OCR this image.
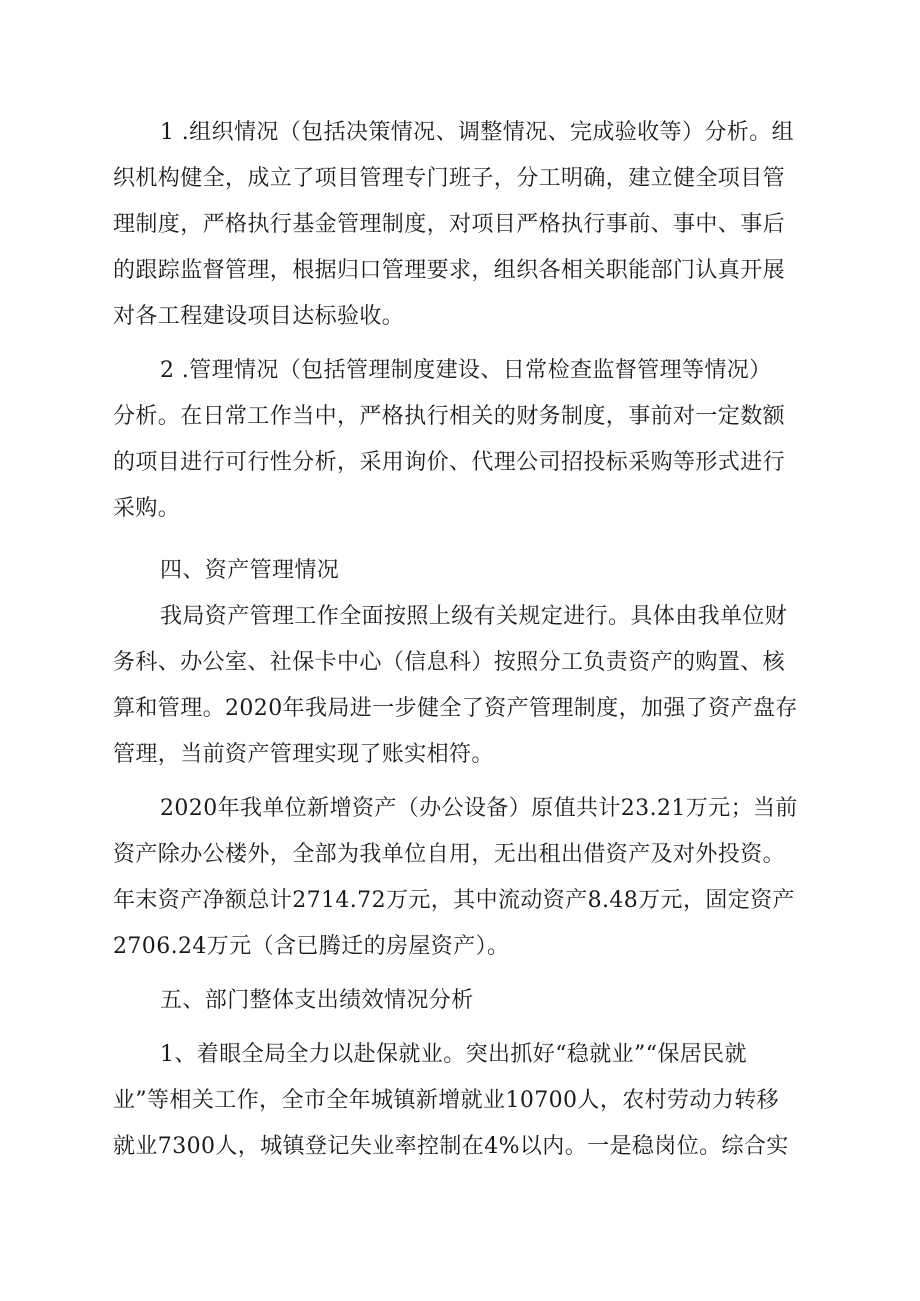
1 .组织情况（包括决策情况、调整情况、完成验收等）分析。组
织机构健全，成立了项目管理专门班子，分工明确，建立健全项目管
理制度，严格执行基金管理制度，对项目严格执行事前、事中、事后
的跟踪监督管理，根据归口管理要求，组织各相关职能部门认真开展
对各工程建设项目达标验收。
2 .管理情况（包括管理制度建设、日常检查监督管理等情况）
分析。在日常工作当中，严格执行相关的财务制度，事前对一定数额
的项目进行可行性分析，采用询价、代理公司招投标采购等形式进行
采购。
四、资产管理情况
我局资产管理工作全面按照上级有关规定进行。具体由我单位财
务科、办公室、社保卡中心（信息科）按照分工负责资产的购置、核
算和管理。2020年我局进一步健全了资产管理制度，加强了资产盘存
管理，当前资产管理实现了账实相符。
2020年我单位新增资产（办公设备）原值共计23.21万元；当前
资产除办公楼外，全部为我单位自用，无出租出借资产及对外投资。
年末资产净额总计2714.72万元，其中流动资产8.48万元，固定资产
2706.24万元（含已腾迁的房屋资产）。
五、部门整体支出绩效情况分析
1、着眼全局全力以赴保就业。突出抓好“稳就业”“保居民就
业”等相关工作，全市全年城镇新增就业10700人，农村劳动力转移
就业7300人，城镇登记失业率控制在4%以内。一是稳岗位。综合实
